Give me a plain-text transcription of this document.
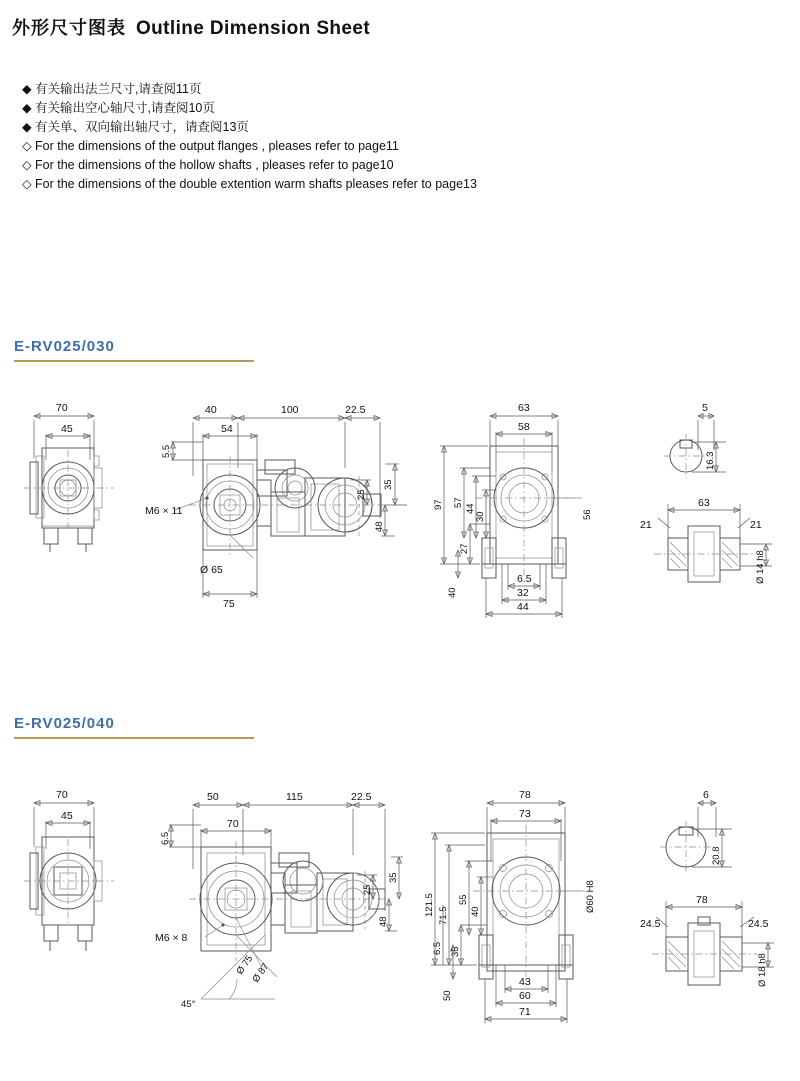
外形尺寸图表 Outline Dimension Sheet
◆ 有关输出法兰尺寸,请查阅11页
◆ 有关输出空心轴尺寸,请查阅10页
◆ 有关单、双向输出轴尺寸，请查阅13页
◇ For the dimensions of the output flanges , pleases refer to page11
◇ For the dimensions of the hollow shafts , pleases refer to page10
◇ For the dimensions of the double extention warm shafts pleases refer to page13
E-RV025/030
70
45
40	100	22.5
54
5.5
35
25
48
M6 × 11
Ø 65
75
63
58
97 57
44
30
27
40
6.5
32
44
56
5
16.3
63
21	21
Ø 14 h8
E-RV025/040
70
45
50	115	22.5
70
6.5
35
25
48
M6 × 8
Ø 75
Ø 87
45°
78
73
121.5 71.5
55
40
35
50
6.5
43
60
71
Ø60 H8
6
20.8
78
24.5	24.5
Ø 18 h8
